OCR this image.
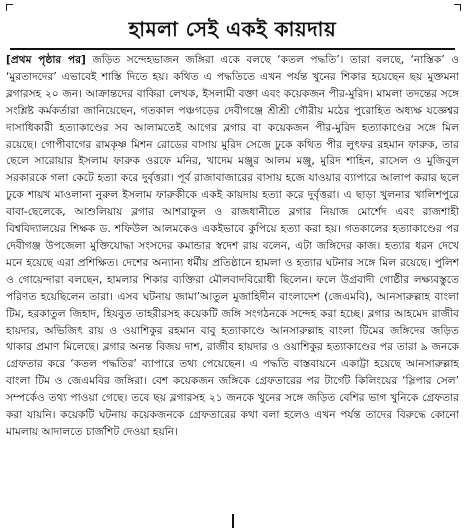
হামলা সেই একই কায়দায়

[প্রথম পৃষ্ঠার পর] জড়িত সন্দেহভাজন জঙ্গিরা একে বলছে ‘কতল পদ্ধতি’। তারা বলছে, ‘নাস্তিক’ ও ‘মুরতাদদের’ এভাবেই শাস্তি দিতে হয়। কথিত এ পদ্ধতিতে এখন পর্যন্ত খুনের শিকার হয়েছেন ছয় মুক্তমনা ব্লগারসহ ২০ জন। আক্রান্তদের বাকিরা লেখক, ইসলামী বক্তা এবং কয়েকজন পীর-মুরিদ। মামলা তদন্তের সঙ্গে সংশ্লিষ্ট কর্মকর্তারা জানিয়েছেন, গতকাল পঞ্চগড়ের দেবীগঞ্জে শ্রীশ্রী গৌরীয় মঠের পুরোহিত অধ্যক্ষ যজ্ঞেশ্বর দাসাধিকারী হত্যাকাণ্ডের সব আলামতেই আগের ব্লগার বা কয়েকজন পীর-মুরিদ হত্যাকাণ্ডের সঙ্গে মিল রয়েছে। গোপীবাগের রামকৃষ্ণ মিশন রোডের বাসায় মুরিদ সেজে ঢুকে কথিত পীর লুৎফর রহমান ফারুক, তার ছেলে সারোয়ার ইসলাম ফারুক ওরফে মনির, খাদেম মঞ্জুর আলম মঞ্জু, মুরিদ শাহিন, রাসেল ও মুজিবুল সরকারকে গলা কেটে হত্যা করে দুর্বৃত্তরা। পূর্ব রাজাবাজারের বাসায় হজে যাওয়ার ব্যাপারে আলাপ করার ছলে ঢুকে শায়খ মাওলানা নুরুল ইসলাম ফারুকীকে একই কায়দায় হত্যা করে দুর্বৃত্তরা। এ ছাড়া খুলনার খালিশপুরে বাবা-ছেলেকে, আশুলিয়ায় ব্লগার আশরাফুল ও রাজধানীতে ব্লগার নিয়াজ মোর্শেদ এবং রাজশাহী বিশ্ববিদ্যালয়ের শিক্ষক ড. শফিউল আলমকেও একইভাবে কুপিয়ে হত্যা করা হয়। গতকালের হত্যাকাণ্ডের পর দেবীগঞ্জ উপজেলা মুক্তিযোদ্ধা সংসদের কমান্ডার স্বদেশ রায় বলেন, এটা জঙ্গিদের কাজ। হত্যার ধরন দেখে মনে হয়েছে এরা প্রশিক্ষিত। দেশের অন্যান্য ধর্মীয় প্রতিষ্ঠানে হামলা ও হত্যার ঘটনার সঙ্গে মিল রয়েছে। পুলিশ ও গোয়েন্দারা বলছেন, হামলার শিকার ব্যক্তিরা মৌলবাদবিরোধী ছিলেন। ফলে উগ্রবাদী গোষ্ঠীর লক্ষ্যবস্তুতে পরিণত হয়েছিলেন তারা। এসব ঘটনায় জামা’আতুল মুজাহিদীন বাংলাদেশ (জেএমবি), আনসারুল্লাহ বাংলা টিম, হরকাতুল জিহাদ, হিযবুত তাহরীরসহ কয়েকটি জঙ্গি সংগঠনকে সন্দেহ করা হচ্ছে। ব্লগার আহমেদ রাজীব হায়দার, অভিজিৎ রায় ও ওয়াশিকুর রহমান বাবু হত্যাকাণ্ডে আনসারুল্লাহ বাংলা টিমের জঙ্গিদের জড়িত থাকার প্রমাণ মিলেছে। ব্লগার অনন্ত বিজয় দাশ, রাজীব হায়দার ও ওয়াশিকুর হত্যাকাণ্ডের পর তারা ৯ জনকে গ্রেফতার করে ‘কতল পদ্ধতির’ ব্যাপারে তথ্য পেয়েছেন। এ পদ্ধতি বাস্তবায়নে একাট্টা হয়েছে আনসারুল্লাহ বাংলা টিম ও জেএমবির জঙ্গিরা। বেশ কয়েকজন জঙ্গিকে গ্রেফতারের পর টার্গেট কিলিংয়ের ‘স্লিপার সেল’ সম্পর্কেও তথ্য পাওয়া গেছে। তবে ছয় ব্লগারসহ ২১ জনকে খুনের সঙ্গে জড়িত বেশির ভাগ খুনিকে গ্রেফতার করা যায়নি। কয়েকটি ঘটনায় কয়েকজনকে গ্রেফতারের কথা বলা হলেও এখন পর্যন্ত তাদের বিরুদ্ধে কোনো মামলায় আদালতে চার্জশিট দেওয়া হয়নি।
